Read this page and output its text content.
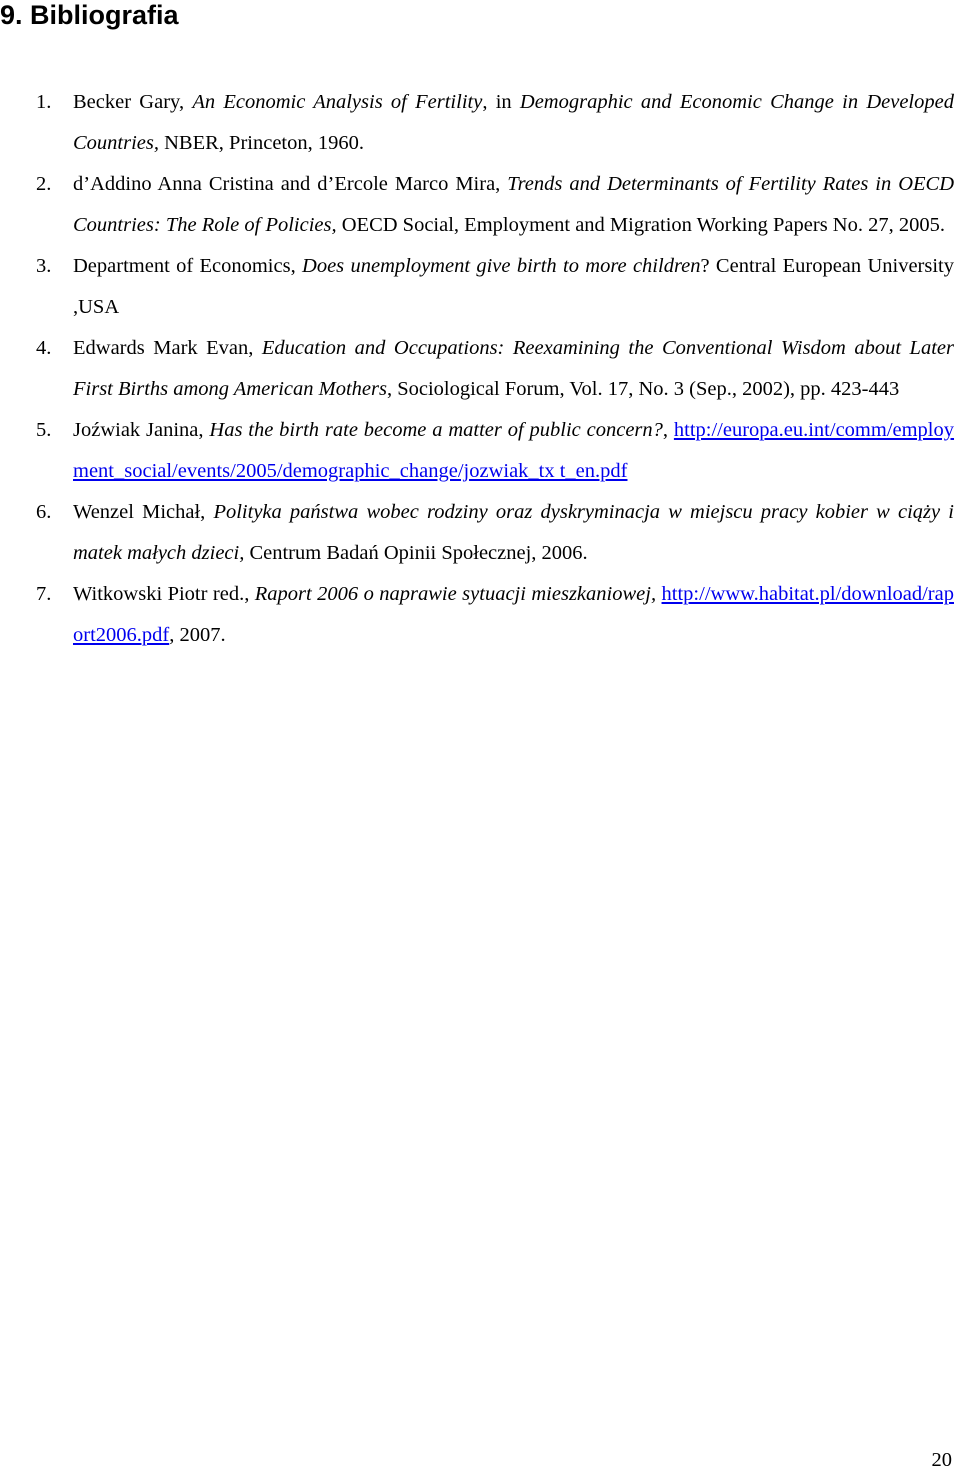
9. Bibliografia
1. Becker Gary, An Economic Analysis of Fertility, in Demographic and Economic Change in Developed Countries, NBER, Princeton, 1960.
2. d’Addino Anna Cristina and d’Ercole Marco Mira, Trends and Determinants of Fertility Rates in OECD Countries: The Role of Policies, OECD Social, Employment and Migration Working Papers No. 27, 2005.
3. Department of Economics, Does unemployment give birth to more children? Central European University ,USA
4. Edwards Mark Evan, Education and Occupations: Reexamining the Conventional Wisdom about Later First Births among American Mothers, Sociological Forum, Vol. 17, No. 3 (Sep., 2002), pp. 423-443
5. Joźwiak Janina, Has the birth rate become a matter of public concern?, http://europa.eu.int/comm/employment_social/events/2005/demographic_change/jozwiak_tx t_en.pdf
6. Wenzel Michał, Polityka państwa wobec rodziny oraz dyskryminacja w miejscu pracy kobier w ciąży i matek małych dzieci, Centrum Badań Opinii Społecznej, 2006.
7. Witkowski Piotr red., Raport 2006 o naprawie sytuacji mieszkaniowej, http://www.habitat.pl/download/raport2006.pdf, 2007.
20
